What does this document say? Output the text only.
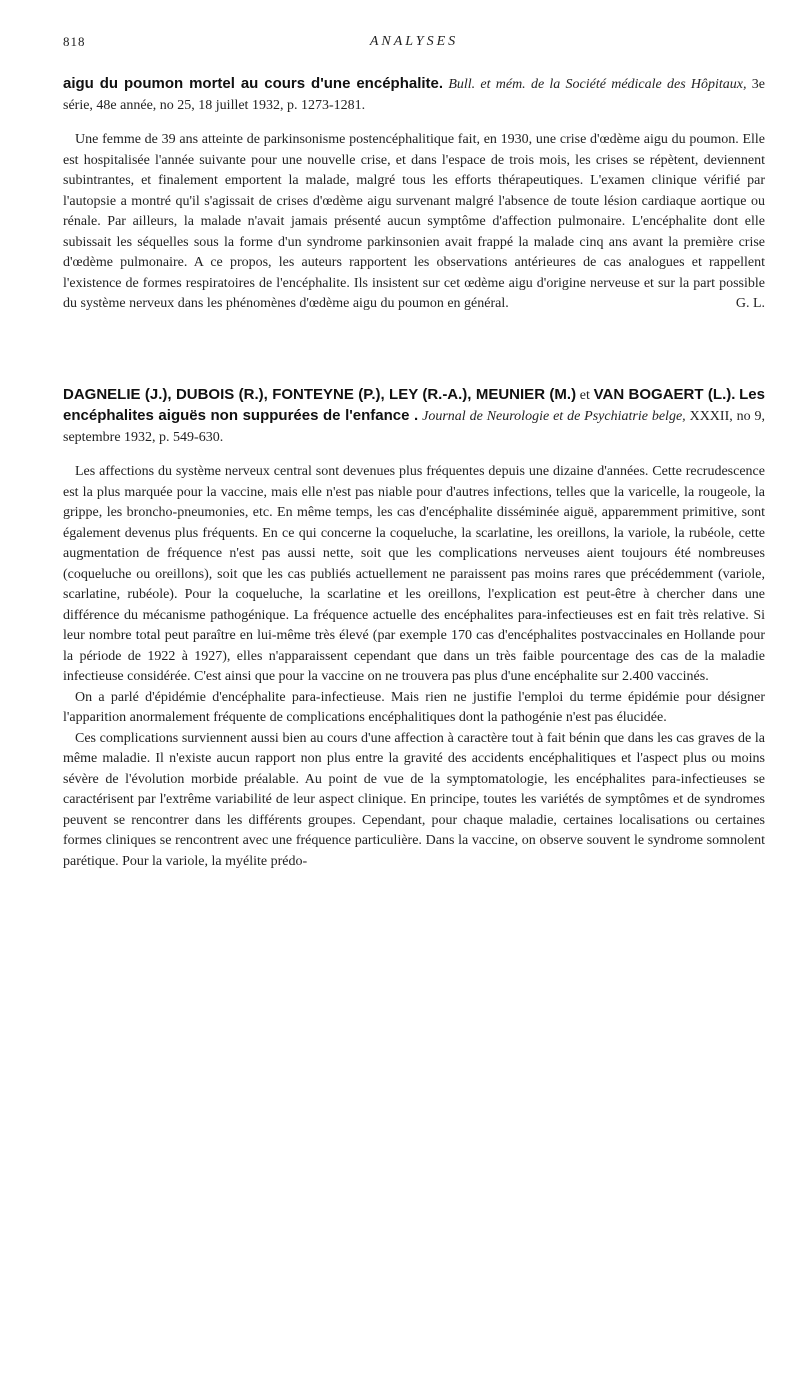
818	ANALYSES

aigu du poumon mortel au cours d'une encéphalite. Bull. et mém. de la Société médicale des Hôpitaux, 3e série, 48e année, no 25, 18 juillet 1932, p. 1273-1281.

Une femme de 39 ans atteinte de parkinsonisme postencéphalitique fait, en 1930, une crise d'œdème aigu du poumon. Elle est hospitalisée l'année suivante pour une nouvelle crise, et dans l'espace de trois mois, les crises se répètent, deviennent subintrantes, et finalement emportent la malade, malgré tous les efforts thérapeutiques. L'examen clinique vérifié par l'autopsie a montré qu'il s'agissait de crises d'œdème aigu survenant malgré l'absence de toute lésion cardiaque aortique ou rénale. Par ailleurs, la malade n'avait jamais présenté aucun symptôme d'affection pulmonaire. L'encéphalite dont elle subissait les séquelles sous la forme d'un syndrome parkinsonien avait frappé la malade cinq ans avant la première crise d'œdème pulmonaire. A ce propos, les auteurs rapportent les observations antérieures de cas analogues et rappellent l'existence de formes respiratoires de l'encéphalite. Ils insistent sur cet œdème aigu d'origine nerveuse et sur la part possible du système nerveux dans les phénomènes d'œdème aigu du poumon en général.	G. L.

DAGNELIE (J.), DUBOIS (R.), FONTEYNE (P.), LEY (R.-A.), MEUNIER (M.) et VAN BOGAERT (L.). Les encéphalites aiguës non suppurées de l'enfance . Journal de Neurologie et de Psychiatrie belge, XXXII, no 9, septembre 1932, p. 549-630.

Les affections du système nerveux central sont devenues plus fréquentes depuis une dizaine d'années. Cette recrudescence est la plus marquée pour la vaccine, mais elle n'est pas niable pour d'autres infections, telles que la varicelle, la rougeole, la grippe, les broncho-pneumonies, etc. En même temps, les cas d'encéphalite disséminée aiguë, apparemment primitive, sont également devenus plus fréquents. En ce qui concerne la coqueluche, la scarlatine, les oreillons, la variole, la rubéole, cette augmentation de fréquence n'est pas aussi nette, soit que les complications nerveuses aient toujours été nombreuses (coqueluche ou oreillons), soit que les cas publiés actuellement ne paraissent pas moins rares que précédemment (variole, scarlatine, rubéole). Pour la coqueluche, la scarlatine et les oreillons, l'explication est peut-être à chercher dans une différence du mécanisme pathogénique. La fréquence actuelle des encéphalites para-infectieuses est en fait très relative. Si leur nombre total peut paraître en lui-même très élevé (par exemple 170 cas d'encéphalites postvaccinales en Hollande pour la période de 1922 à 1927), elles n'apparaissent cependant que dans un très faible pourcentage des cas de la maladie infectieuse considérée. C'est ainsi que pour la vaccine on ne trouvera pas plus d'une encéphalite sur 2.400 vaccinés.

On a parlé d'épidémie d'encéphalite para-infectieuse. Mais rien ne justifie l'emploi du terme épidémie pour désigner l'apparition anormalement fréquente de complications encéphalitiques dont la pathogénie n'est pas élucidée.

Ces complications surviennent aussi bien au cours d'une affection à caractère tout à fait bénin que dans les cas graves de la même maladie. Il n'existe aucun rapport non plus entre la gravité des accidents encéphalitiques et l'aspect plus ou moins sévère de l'évolution morbide préalable. Au point de vue de la symptomatologie, les encéphalites para-infectieuses se caractérisent par l'extrême variabilité de leur aspect clinique. En principe, toutes les variétés de symptômes et de syndromes peuvent se rencontrer dans les différents groupes. Cependant, pour chaque maladie, certaines localisations ou certaines formes cliniques se rencontrent avec une fréquence particulière. Dans la vaccine, on observe souvent le syndrome somnolent parétique. Pour la variole, la myélite prédo-
